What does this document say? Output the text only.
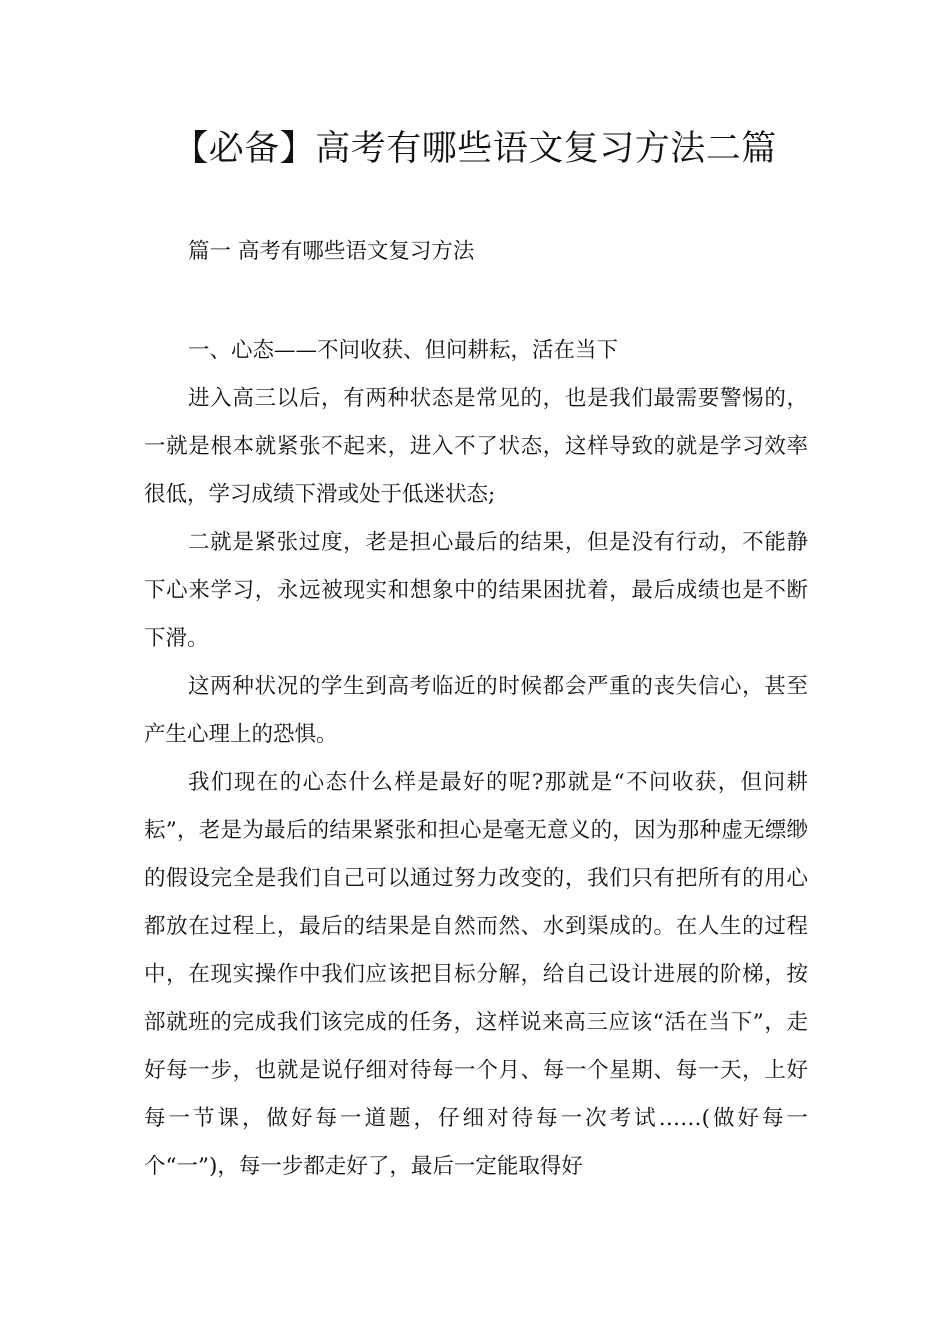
【必备】高考有哪些语文复习方法二篇
篇一 高考有哪些语文复习方法

一、心态——不问收获、但问耕耘，活在当下

进入高三以后，有两种状态是常见的，也是我们最需要警惕的，一就是根本就紧张不起来，进入不了状态，这样导致的就是学习效率很低，学习成绩下滑或处于低迷状态;

二就是紧张过度，老是担心最后的结果，但是没有行动，不能静下心来学习，永远被现实和想象中的结果困扰着，最后成绩也是不断下滑。

这两种状况的学生到高考临近的时候都会严重的丧失信心，甚至产生心理上的恐惧。

我们现在的心态什么样是最好的呢?那就是“不问收获，但问耕耘”，老是为最后的结果紧张和担心是毫无意义的，因为那种虚无缥缈的假设完全是我们自己可以通过努力改变的，我们只有把所有的用心都放在过程上，最后的结果是自然而然、水到渠成的。在人生的过程中，在现实操作中我们应该把目标分解，给自己设计进展的阶梯，按部就班的完成我们该完成的任务，这样说来高三应该“活在当下”，走好每一步，也就是说仔细对待每一个月、每一个星期、每一天，上好每一节课，做好每一道题，仔细对待每一次考试……(做好每一个“一”)，每一步都走好了，最后一定能取得好
